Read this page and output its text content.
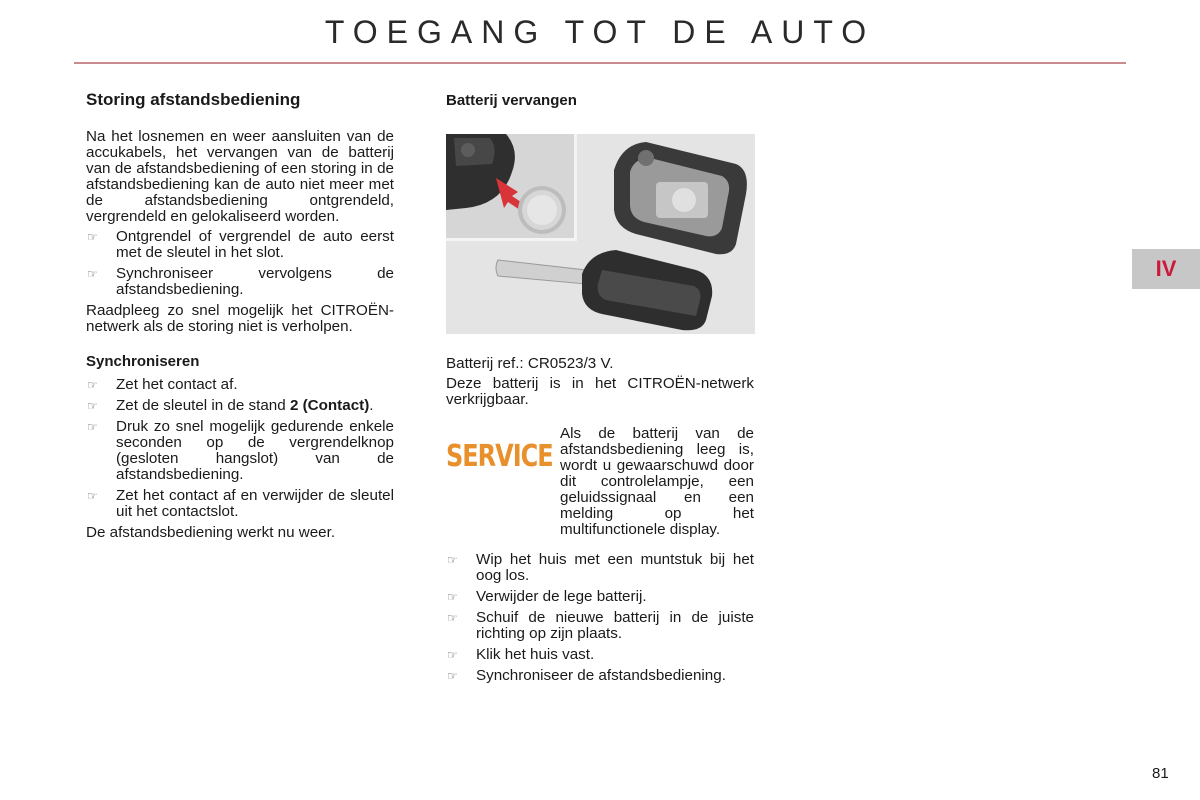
TOEGANG TOT DE AUTO
Storing afstandsbediening

Na het losnemen en weer aansluiten van de accukabels, het vervangen van de batterij van de afstandsbediening of een storing in de afstandsbediening kan de auto niet meer met de afstandsbediening ontgrendeld, vergrendeld en gelokaliseerd worden.

☞ Ontgrendel of vergrendel de auto eerst met de sleutel in het slot.
☞ Synchroniseer vervolgens de afstandsbediening.

Raadpleeg zo snel mogelijk het CITROËN-netwerk als de storing niet is verholpen.

Synchroniseren
☞ Zet het contact af.
☞ Zet de sleutel in de stand 2 (Contact).
☞ Druk zo snel mogelijk gedurende enkele seconden op de vergrendelknop (gesloten hangslot) van de afstandsbediening.
☞ Zet het contact af en verwijder de sleutel uit het contactslot.

De afstandsbediening werkt nu weer.

Batterij vervangen

Batterij ref.: CR0523/3 V.

Deze batterij is in het CITROËN-netwerk verkrijgbaar.

SERVICE
Als de batterij van de afstandsbediening leeg is, wordt u gewaarschuwd door dit controlelampje, een geluidssignaal en een melding op het multifunctionele display.
☞ Wip het huis met een muntstuk bij het oog los.
☞ Verwijder de lege batterij.
☞ Schuif de nieuwe batterij in de juiste richting op zijn plaats.
☞ Klik het huis vast.
☞ Synchroniseer de afstandsbediening.
IV
81
